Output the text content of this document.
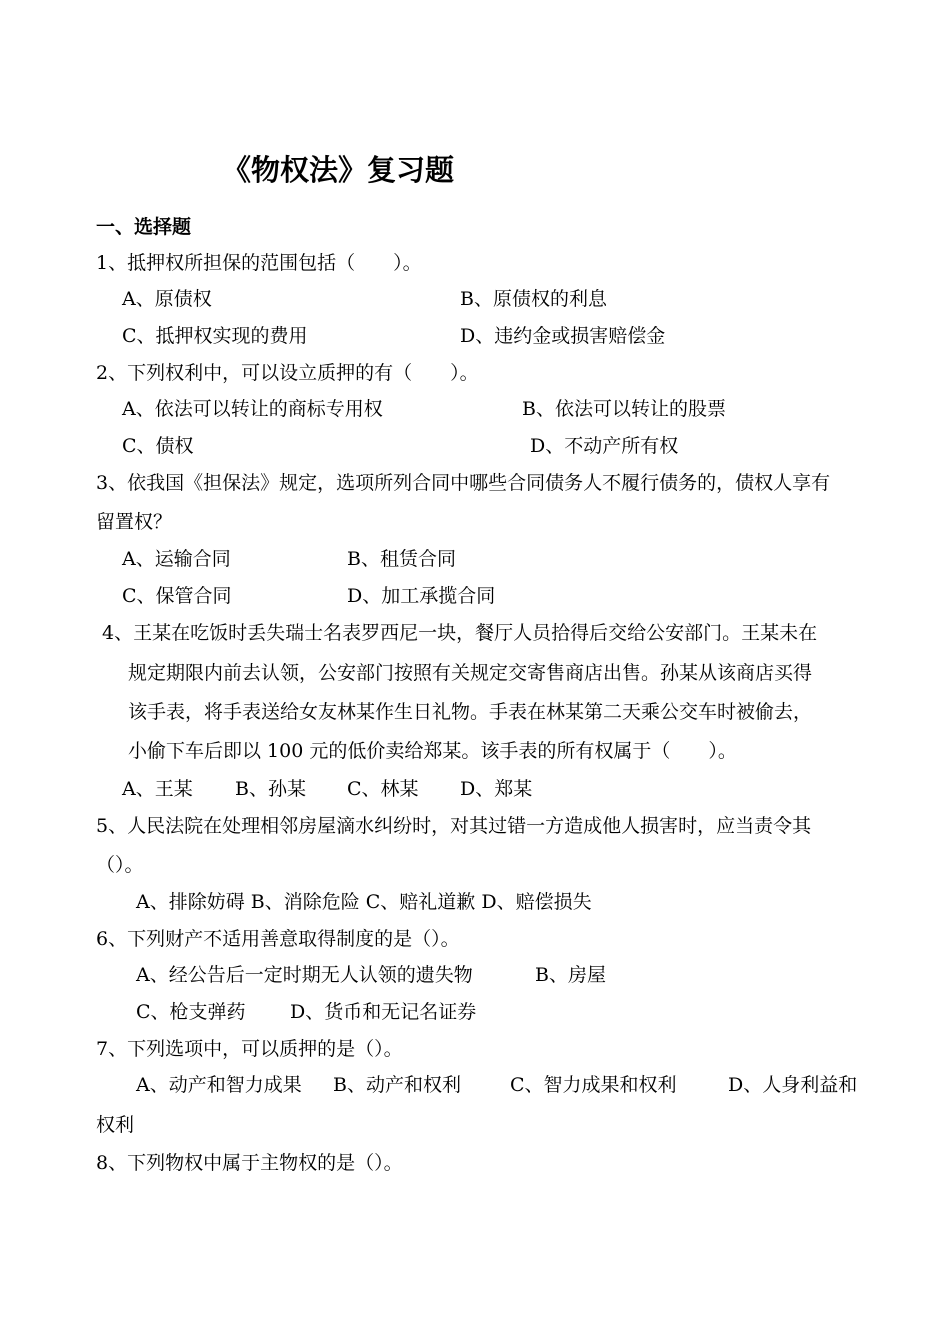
《物权法》复习题
一、选择题
1、抵押权所担保的范围包括（　　）。
A、原债权	B、原债权的利息
C、抵押权实现的费用	D、违约金或损害赔偿金
2、下列权利中，可以设立质押的有（　　）。
A、依法可以转让的商标专用权	B、依法可以转让的股票
C、债权	D、不动产所有权
3、依我国《担保法》规定，选项所列合同中哪些合同债务人不履行债务的，债权人享有
留置权？
A、运输合同	B、租赁合同
C、保管合同	D、加工承揽合同
4、王某在吃饭时丢失瑞士名表罗西尼一块，餐厅人员拾得后交给公安部门。王某未在
规定期限内前去认领，公安部门按照有关规定交寄售商店出售。孙某从该商店买得
该手表，将手表送给女友林某作生日礼物。手表在林某第二天乘公交车时被偷去，
小偷下车后即以 100 元的低价卖给郑某。该手表的所有权属于（　　）。
A、王某 B、孙某 C、林某 D、郑某
5、人民法院在处理相邻房屋滴水纠纷时，对其过错一方造成他人损害时，应当责令其
（）。
A、排除妨碍 B、消除危险 C、赔礼道歉 D、赔偿损失
6、下列财产不适用善意取得制度的是（）。
A、经公告后一定时期无人认领的遗失物	B、房屋
C、枪支弹药 D、货币和无记名证券
7、下列选项中，可以质押的是（）。
A、动产和智力成果 B、动产和权利	C、智力成果和权利	D、人身利益和
权利
8、下列物权中属于主物权的是（）。
